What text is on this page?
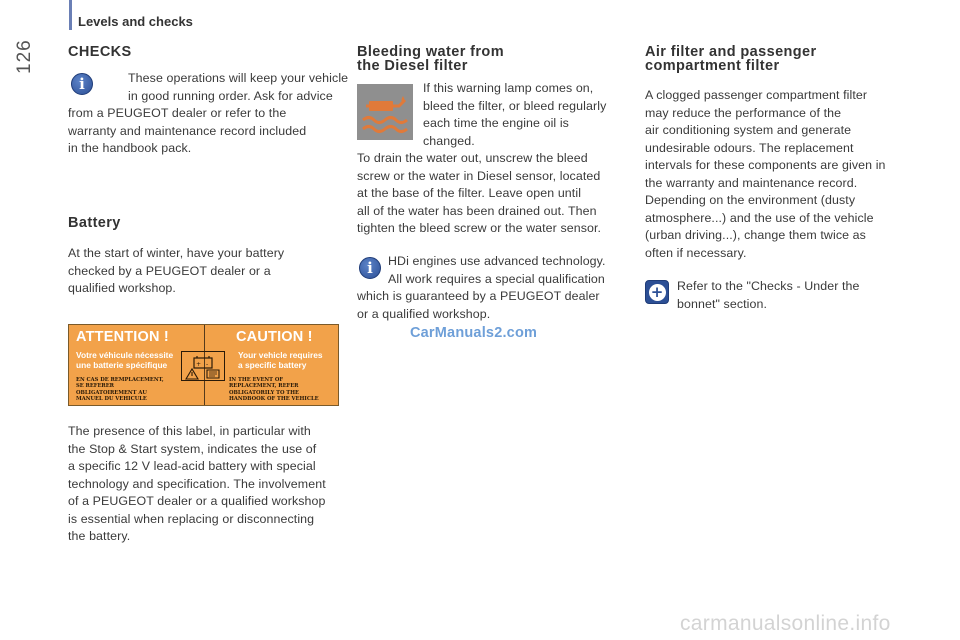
Levels and checks
126 CHECKS
i	These operations will keep your vehicle

in good running order. Ask for advice

from a PEUGEOT dealer or refer to the

warranty and maintenance record included

in the handbook pack.

Battery

At the start of winter, have your battery

checked by a PEUGEOT dealer or a

qualified workshop.

ATTENTION !	CAUTION !
Votre véhicule nécessite
une batterie spécifique
Your vehicle requires
a specific battery
+ -
EN CAS DE REMPLACEMENT,
SE REFERER
OBLIGATOIREMENT AU
MANUEL DU VEHICULE
IN THE EVENT OF
REPLACEMENT, REFER
OBLIGATORILY TO THE
HANDBOOK OF THE VEHICLE

The presence of this label, in particular with

the Stop & Start system, indicates the use of

a specific 12 V lead-acid battery with special

technology and specification. The involvement

of a PEUGEOT dealer or a qualified workshop

is essential when replacing or disconnecting

the battery.

Bleeding water from
the Diesel filter

If this warning lamp comes on,

bleed the filter, or bleed regularly

each time the engine oil is

changed.

To drain the water out, unscrew the bleed

screw or the water in Diesel sensor, located

at the base of the filter. Leave open until

all of the water has been drained out. Then

tighten the bleed screw or the water sensor.

i	HDi engines use advanced technology.

All work requires a special qualification

which is guaranteed by a PEUGEOT dealer

or a qualified workshop.

CarManuals2.com
Air filter and passenger
compartment filter

A clogged passenger compartment filter

may reduce the performance of the

air conditioning system and generate

undesirable odours. The replacement

intervals for these components are given in

the warranty and maintenance record.

Depending on the environment (dusty

atmosphere...) and the use of the vehicle

(urban driving...), change them twice as

often if necessary.

+ Refer to the "Checks - Under the

bonnet" section.

carmanualsonline.info
